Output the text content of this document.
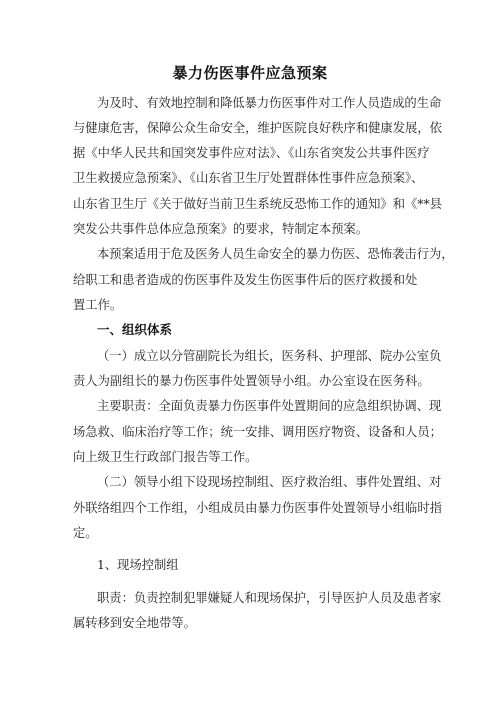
暴力伤医事件应急预案
为及时、有效地控制和降低暴力伤医事件对工作人员造成的生命
与健康危害，保障公众生命安全，维护医院良好秩序和健康发展，依
据《中华人民共和国突发事件应对法》、《山东省突发公共事件医疗
卫生救援应急预案》、《山东省卫生厅处置群体性事件应急预案》、
山东省卫生厅《关于做好当前卫生系统反恐怖工作的通知》和《**县
突发公共事件总体应急预案》的要求，特制定本预案。
本预案适用于危及医务人员生命安全的暴力伤医、恐怖袭击行为，
给职工和患者造成的伤医事件及发生伤医事件后的医疗救援和处
置工作。
一、组织体系
（一）成立以分管副院长为组长，医务科、护理部、院办公室负
责人为副组长的暴力伤医事件处置领导小组。办公室设在医务科。
主要职责：全面负责暴力伤医事件处置期间的应急组织协调、现
场急救、临床治疗等工作；统一安排、调用医疗物资、设备和人员；
向上级卫生行政部门报告等工作。
（二）领导小组下设现场控制组、医疗救治组、事件处置组、对
外联络组四个工作组，小组成员由暴力伤医事件处置领导小组临时指
定。
1、现场控制组
职责：负责控制犯罪嫌疑人和现场保护，引导医护人员及患者家
属转移到安全地带等。
